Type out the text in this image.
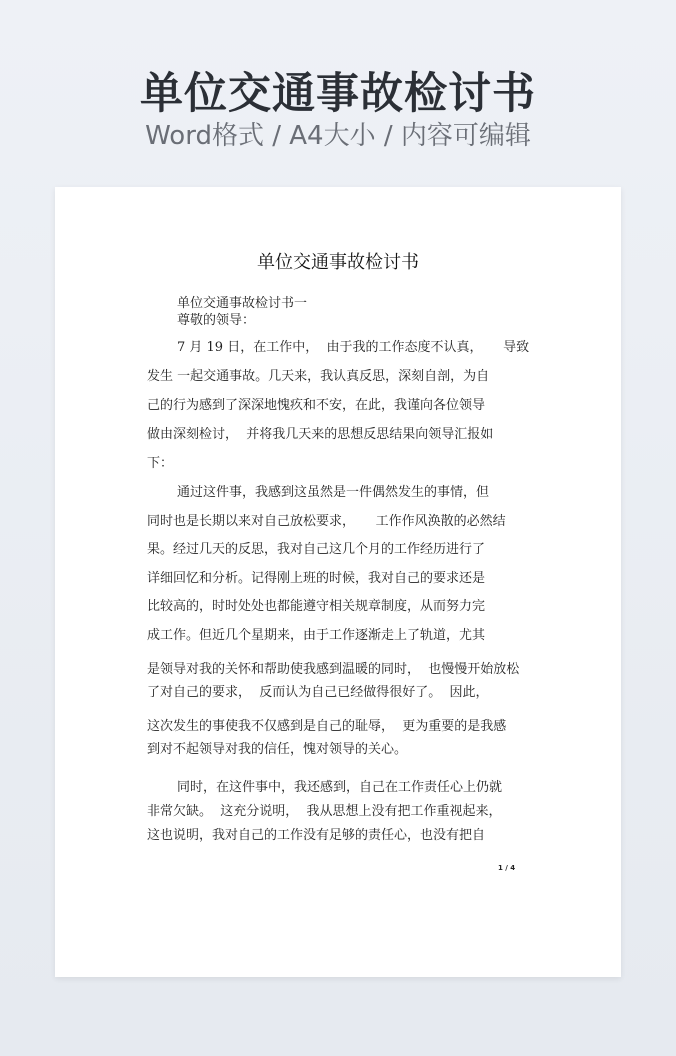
单位交通事故检讨书
Word格式 / A4大小 / 内容可编辑
单位交通事故检讨书
单位交通事故检讨书一
尊敬的领导：
7 月 19 日，在工作中，  由于我的工作态度不认真，     导致
发生 一起交通事故。几天来，我认真反思，深刻自剖，为自
己的行为感到了深深地愧疚和不安，在此，我谨向各位领导
做由深刻检讨，  并将我几天来的思想反思结果向领导汇报如
下：
通过这件事，我感到这虽然是一件偶然发生的事情，但
同时也是长期以来对自己放松要求，     工作作风涣散的必然结
果。经过几天的反思，我对自己这几个月的工作经历进行了
详细回忆和分析。记得刚上班的时候，我对自己的要求还是
比较高的，时时处处也都能遵守相关规章制度，从而努力完
成工作。但近几个星期来，由于工作逐渐走上了轨道，尤其
是领导对我的关怀和帮助使我感到温暖的同时，  也慢慢开始放松
了对自己的要求，  反而认为自己已经做得很好了。  因此，
这次发生的事使我不仅感到是自己的耻辱，  更为重要的是我感
到对不起领导对我的信任，愧对领导的关心。
同时，在这件事中，我还感到，自己在工作责任心上仍就
非常欠缺。  这充分说明，  我从思想上没有把工作重视起来，
这也说明，我对自己的工作没有足够的责任心，也没有把自
1 / 4
